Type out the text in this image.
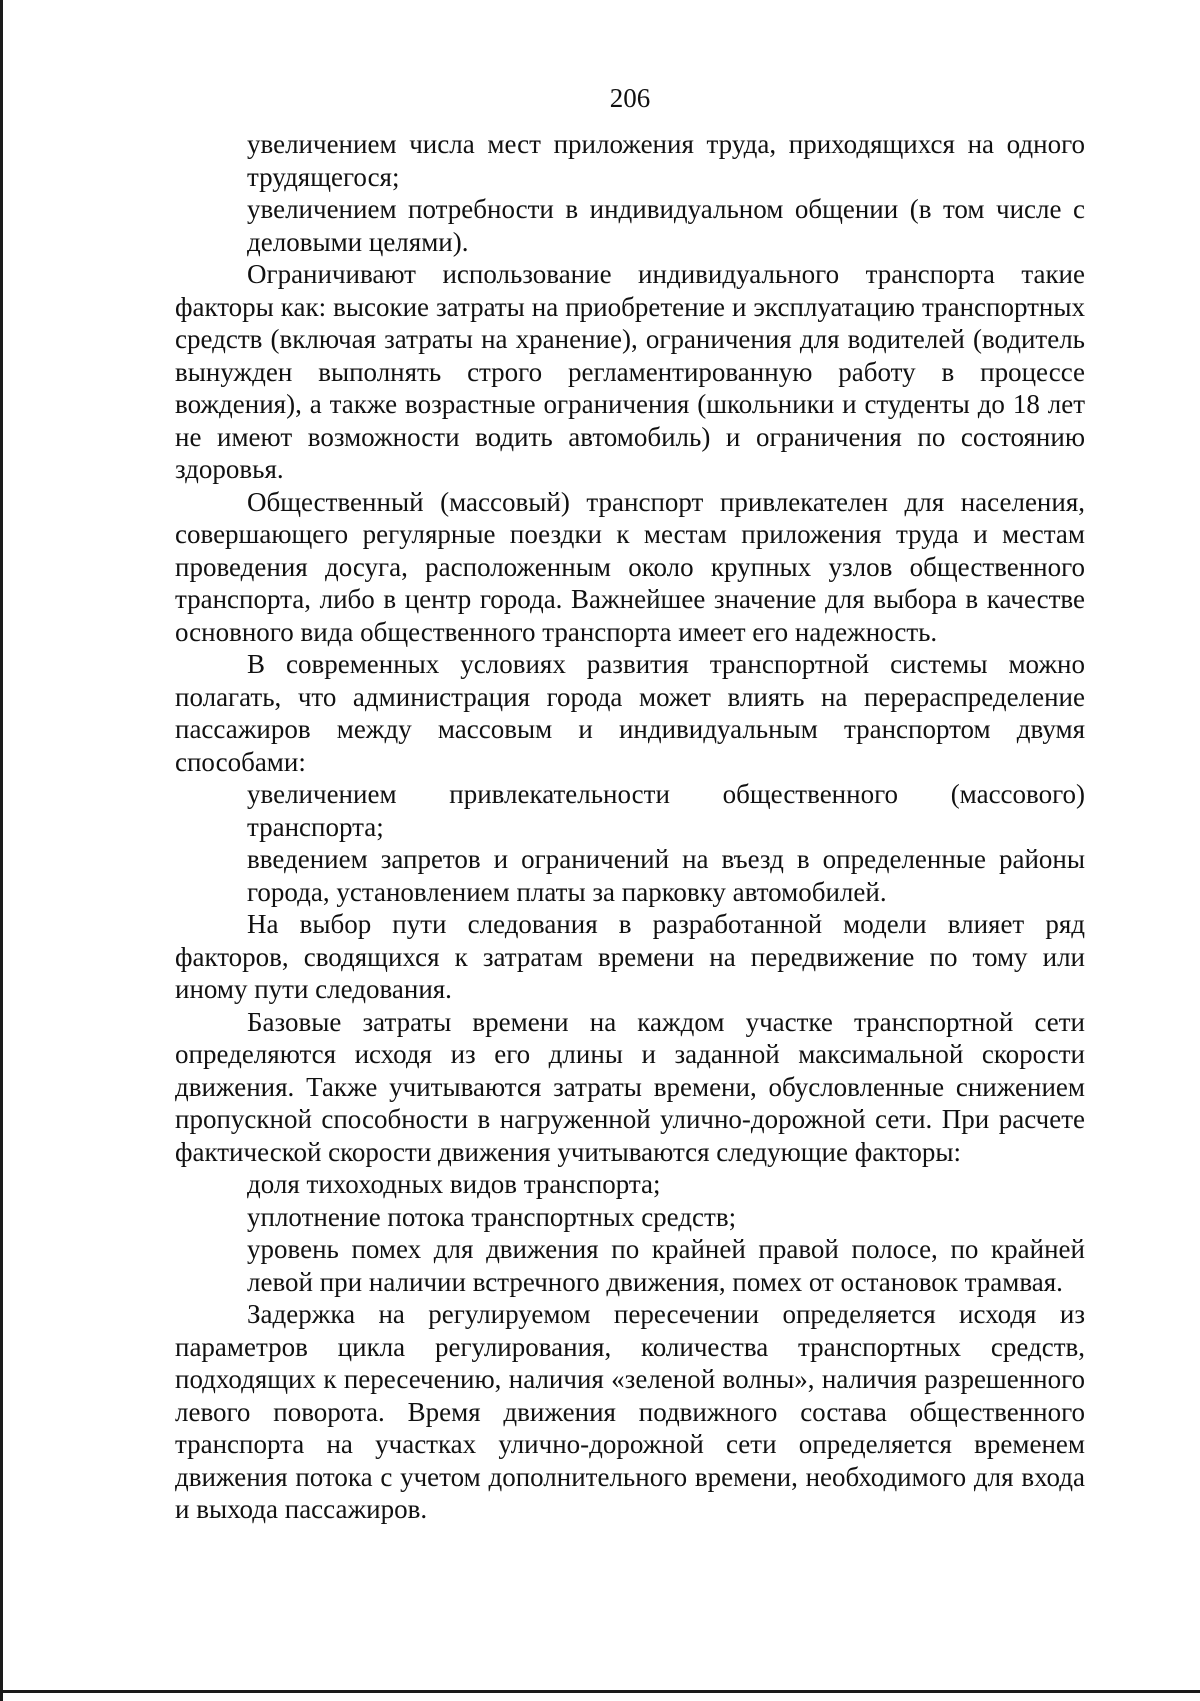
206

увеличением числа мест приложения труда, приходящихся на одного трудящегося;

увеличением потребности в индивидуальном общении (в том числе с деловыми целями).

Ограничивают использование индивидуального транспорта такие факторы как: высокие затраты на приобретение и эксплуатацию транспортных средств (включая затраты на хранение), ограничения для водителей (водитель вынужден выполнять строго регламентированную работу в процессе вождения), а также возрастные ограничения (школьники и студенты до 18 лет не имеют возможности водить автомобиль) и ограничения по состоянию здоровья.

Общественный (массовый) транспорт привлекателен для населения, совершающего регулярные поездки к местам приложения труда и местам проведения досуга, расположенным около крупных узлов общественного транспорта, либо в центр города. Важнейшее значение для выбора в качестве основного вида общественного транспорта имеет его надежность.

В современных условиях развития транспортной системы можно полагать, что администрация города может влиять на перераспределение пассажиров между массовым и индивидуальным транспортом двумя способами:

увеличением привлекательности общественного (массового) транспорта;

введением запретов и ограничений на въезд в определенные районы города, установлением платы за парковку автомобилей.

На выбор пути следования в разработанной модели влияет ряд факторов, сводящихся к затратам времени на передвижение по тому или иному пути следования.

Базовые затраты времени на каждом участке транспортной сети определяются исходя из его длины и заданной максимальной скорости движения. Также учитываются затраты времени, обусловленные снижением пропускной способности в нагруженной улично-дорожной сети. При расчете фактической скорости движения учитываются следующие факторы:

доля тихоходных видов транспорта;

уплотнение потока транспортных средств;

уровень помех для движения по крайней правой полосе, по крайней левой при наличии встречного движения, помех от остановок трамвая.

Задержка на регулируемом пересечении определяется исходя из параметров цикла регулирования, количества транспортных средств, подходящих к пересечению, наличия «зеленой волны», наличия разрешенного левого поворота. Время движения подвижного состава общественного транспорта на участках улично-дорожной сети определяется временем движения потока с учетом дополнительного времени, необходимого для входа и выхода пассажиров.
